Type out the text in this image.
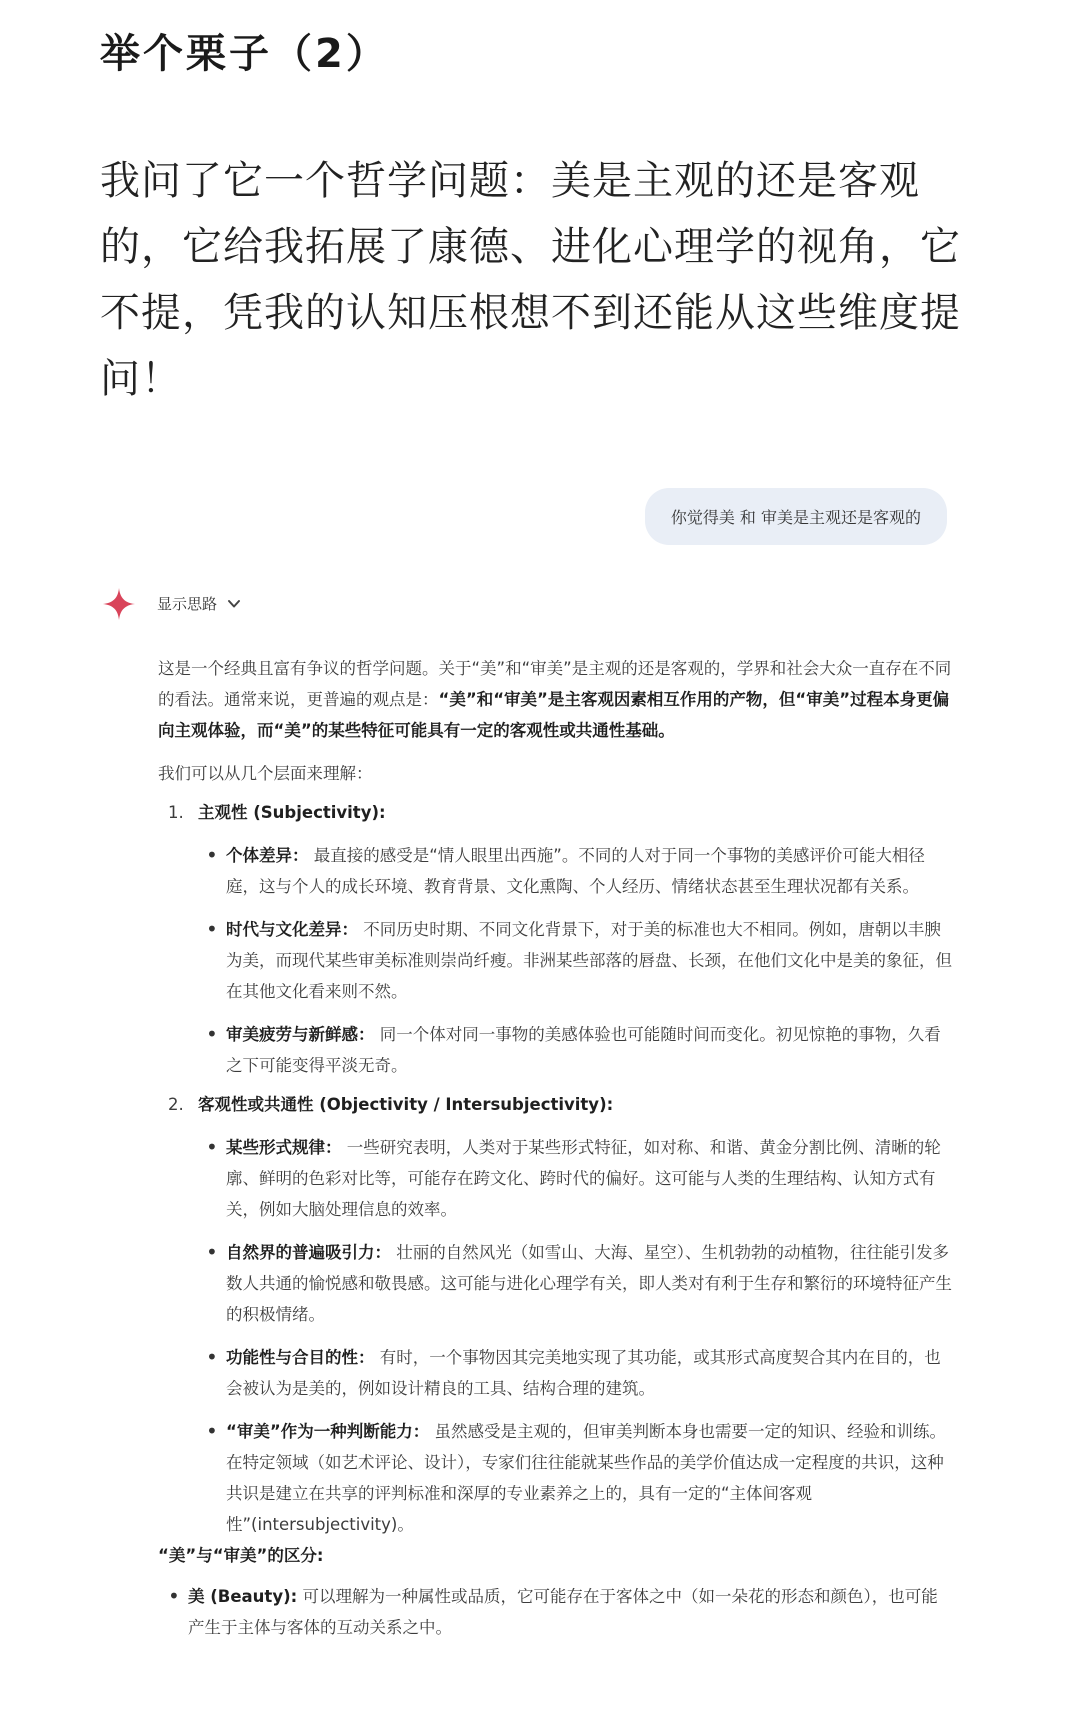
举个栗子（2）
我问了它一个哲学问题：美是主观的还是客观的，它给我拓展了康德、进化心理学的视角，它不提，凭我的认知压根想不到还能从这些维度提问！
你觉得美 和 审美是主观还是客观的
显示思路

这是一个经典且富有争议的哲学问题。关于“美”和“审美”是主观的还是客观的，学界和社会大众一直存在不同的看法。通常来说，更普遍的观点是：“美”和“审美”是主客观因素相互作用的产物，但“审美”过程本身更偏向主观体验，而“美”的某些特征可能具有一定的客观性或共通性基础。

我们可以从几个层面来理解：

1. 主观性 (Subjectivity):
•
个体差异： 最直接的感受是“情人眼里出西施”。不同的人对于同一个事物的美感评价可能大相径庭，这与个人的成长环境、教育背景、文化熏陶、个人经历、情绪状态甚至生理状况都有关系。
•
时代与文化差异： 不同历史时期、不同文化背景下，对于美的标准也大不相同。例如，唐朝以丰腴为美，而现代某些审美标准则崇尚纤瘦。非洲某些部落的唇盘、长颈，在他们文化中是美的象征，但在其他文化看来则不然。
•
审美疲劳与新鲜感： 同一个体对同一事物的美感体验也可能随时间而变化。初见惊艳的事物，久看之下可能变得平淡无奇。
2. 客观性或共通性 (Objectivity / Intersubjectivity):
•
某些形式规律： 一些研究表明，人类对于某些形式特征，如对称、和谐、黄金分割比例、清晰的轮廓、鲜明的色彩对比等，可能存在跨文化、跨时代的偏好。这可能与人类的生理结构、认知方式有关，例如大脑处理信息的效率。
•
自然界的普遍吸引力： 壮丽的自然风光（如雪山、大海、星空）、生机勃勃的动植物，往往能引发多数人共通的愉悦感和敬畏感。这可能与进化心理学有关，即人类对有利于生存和繁衍的环境特征产生的积极情绪。
•
功能性与合目的性： 有时，一个事物因其完美地实现了其功能，或其形式高度契合其内在目的，也会被认为是美的，例如设计精良的工具、结构合理的建筑。
•
“审美”作为一种判断能力： 虽然感受是主观的，但审美判断本身也需要一定的知识、经验和训练。在特定领域（如艺术评论、设计），专家们往往能就某些作品的美学价值达成一定程度的共识，这种共识是建立在共享的评判标准和深厚的专业素养之上的，具有一定的“主体间客观性”(intersubjectivity)。

“美”与“审美”的区分:

•
美 (Beauty): 可以理解为一种属性或品质，它可能存在于客体之中（如一朵花的形态和颜色），也可能产生于主体与客体的互动关系之中。
